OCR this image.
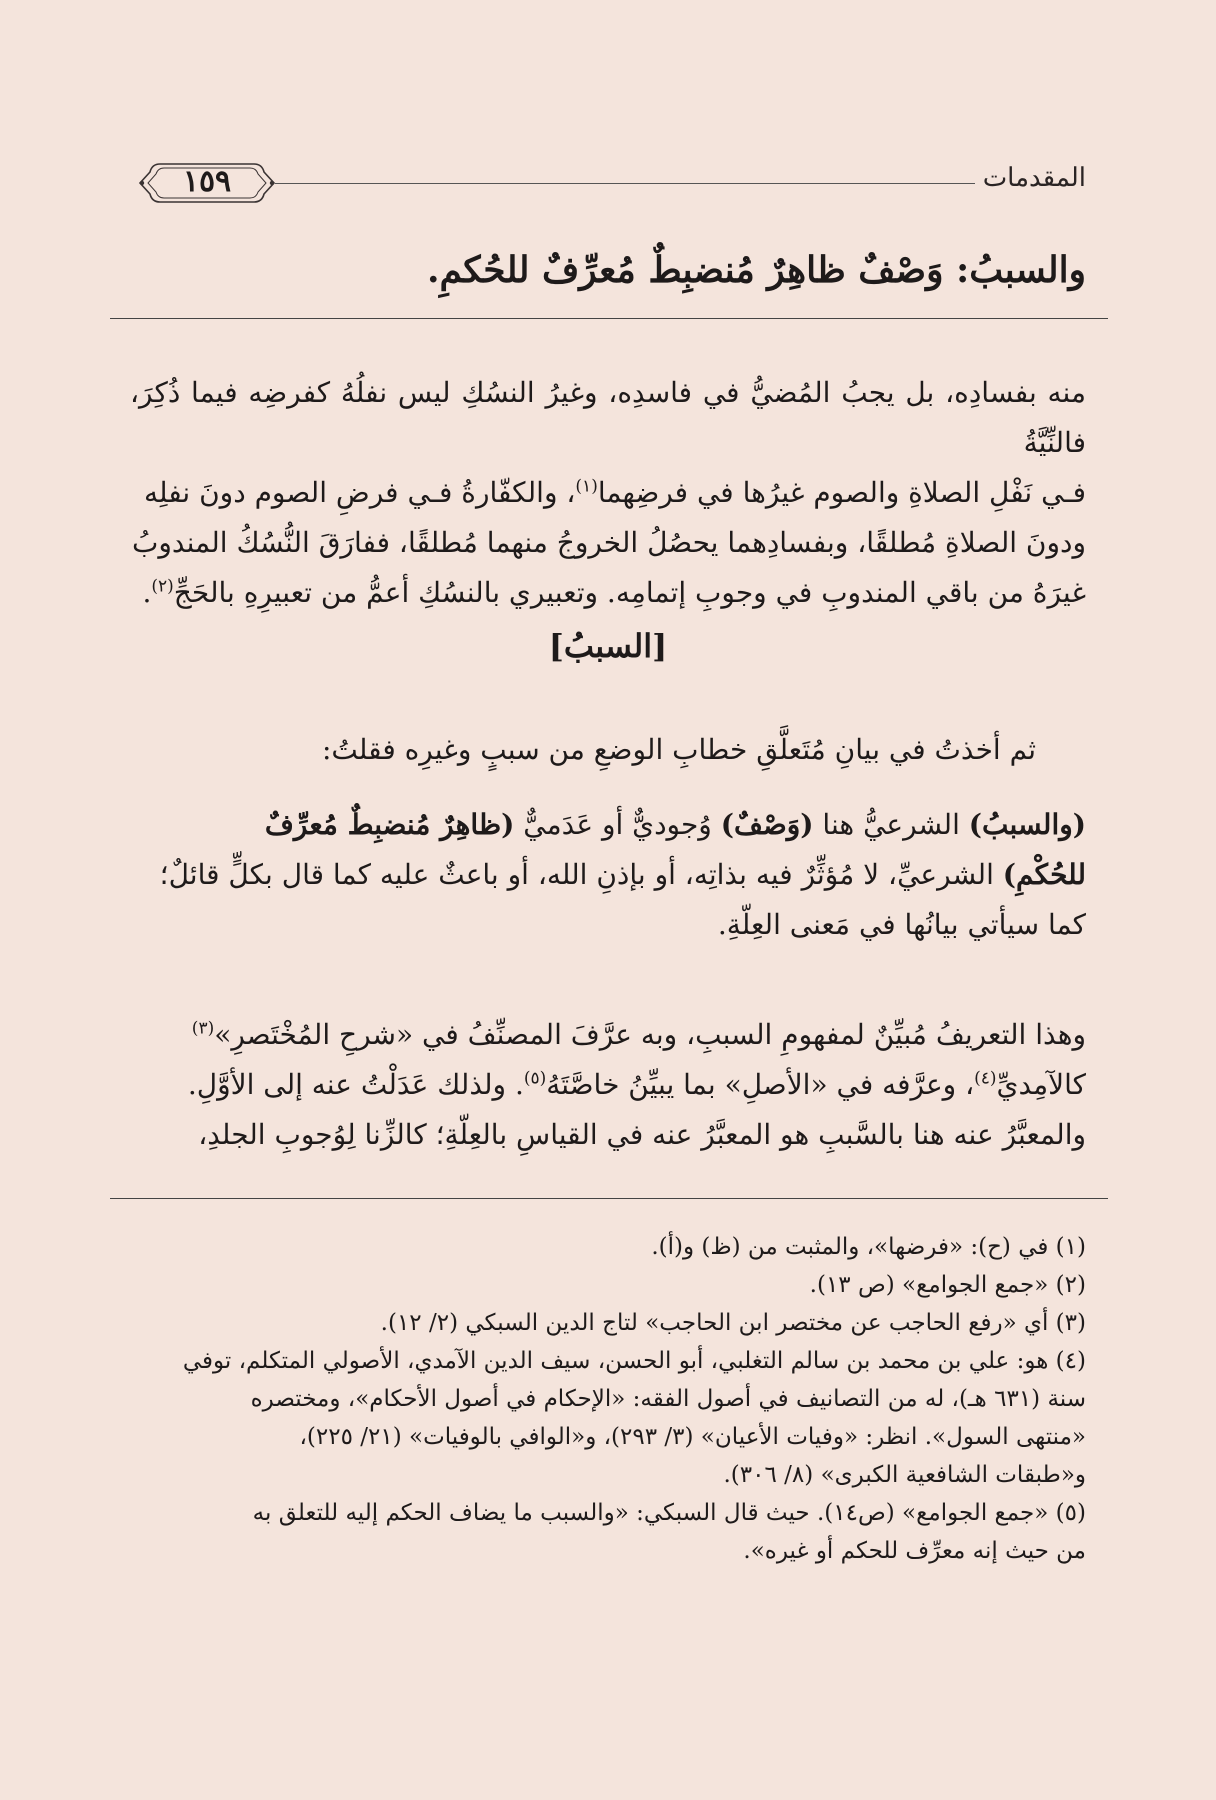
المقدمات
١٥٩
والسببُ: وَصْفٌ ظاهِرٌ مُنضبِطٌ مُعرِّفٌ للحُكمِ.
منه بفسادِه، بل يجبُ المُضيُّ في فاسدِه، وغيرُ النسُكِ ليس نفلُهُ كفرضِه فيما ذُكِرَ، فالنِّيَّةُ
فـي نَفْلِ الصلاةِ والصوم غيرُها في فرضِهما$^{(١)}$، والكفّارةُ فـي فرضِ الصوم دونَ نفلِه
ودونَ الصلاةِ مُطلقًا، وبفسادِهما يحصُلُ الخروجُ منهما مُطلقًا، ففارَقَ النُّسُكُ المندوبُ
غيرَهُ من باقي المندوبِ في وجوبِ إتمامِه. وتعبيري بالنسُكِ أعمُّ من تعبيرِهِ بالحَجِّ$^{(٢)}$.
[السببُ]
ثم أخذتُ في بيانِ مُتَعلَّقِ خطابِ الوضعِ من سببٍ وغيرِه فقلتُ:
(والسببُ) الشرعيُّ هنا (وَصْفٌ) وُجوديٌّ أو عَدَميٌّ (ظاهِرٌ مُنضبِطٌ مُعرِّفٌ
للحُكْمِ) الشرعيِّ، لا مُؤثِّرٌ فيه بذاتِه، أو بإذنِ الله، أو باعثٌ عليه كما قال بكلٍّ قائلٌ؛
كما سيأتي بيانُها في مَعنى العِلّةِ.
وهذا التعريفُ مُبيِّنٌ لمفهومِ السببِ، وبه عرَّفَ المصنِّفُ في «شرحِ المُخْتَصرِ»$^{(٣)}$
كالآمِديِّ$^{(٤)}$، وعرَّفه في «الأصلِ» بما يبيِّنُ خاصَّتَهُ$^{(٥)}$. ولذلك عَدَلْتُ عنه إلى الأوَّلِ.
والمعبَّرُ عنه هنا بالسَّببِ هو المعبَّرُ عنه في القياسِ بالعِلّةِ؛ كالزِّنا لِوُجوبِ الجلدِ،
(١) في (ح): «فرضها»، والمثبت من (ظ) و(أ).
(٢) «جمع الجوامع» (ص ١٣).
(٣) أي «رفع الحاجب عن مختصر ابن الحاجب» لتاج الدين السبكي (٢/ ١٢).
(٤) هو: علي بن محمد بن سالم التغلبي، أبو الحسن، سيف الدين الآمدي، الأصولي المتكلم، توفي
سنة (٦٣١ هـ)، له من التصانيف في أصول الفقه: «الإحكام في أصول الأحكام»، ومختصره
«منتهى السول». انظر: «وفيات الأعيان» (٣/ ٢٩٣)، و«الوافي بالوفيات» (٢١/ ٢٢٥)،
و«طبقات الشافعية الكبرى» (٨/ ٣٠٦).
(٥) «جمع الجوامع» (ص١٤). حيث قال السبكي: «والسبب ما يضاف الحكم إليه للتعلق به
من حيث إنه معرِّف للحكم أو غيره».
